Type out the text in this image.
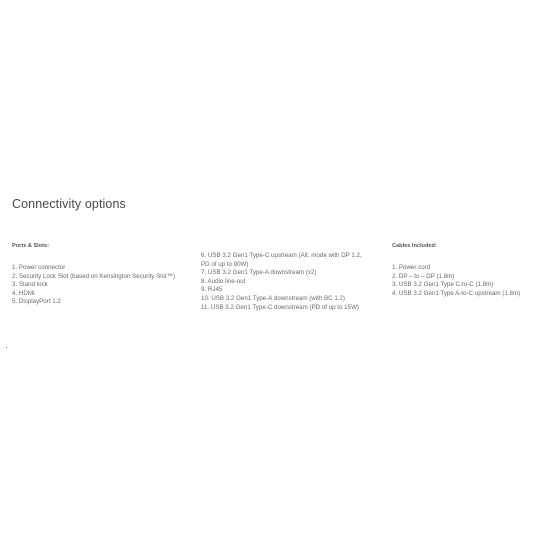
Connectivity options
Ports & Slots:
1. Power connector
2. Security Lock Slot (based on Kensington Security Slot™)
3. Stand lock
4. HDMI
5. DisplayPort 1.2
6. USB 3.2 Gen1 Type-C upstream (Alt. mode with DP 1.2, PD of up to 90W)
7. USB 3.2 Gen1 Type-A downstream (x2)
8. Audio line-out
9. RJ45
10. USB 3.2 Gen1 Type-A downstream (with BC 1.2)
11. USB 3.2 Gen1 Type-C downstream (PD of up to 15W)
Cables Included:
1. Power cord
2. DP – to – DP (1.8m)
3. USB 3.2 Gen1 Type C-to-C (1.8m)
4. USB 3.2 Gen1 Type A-to-C upstream (1.8m)
